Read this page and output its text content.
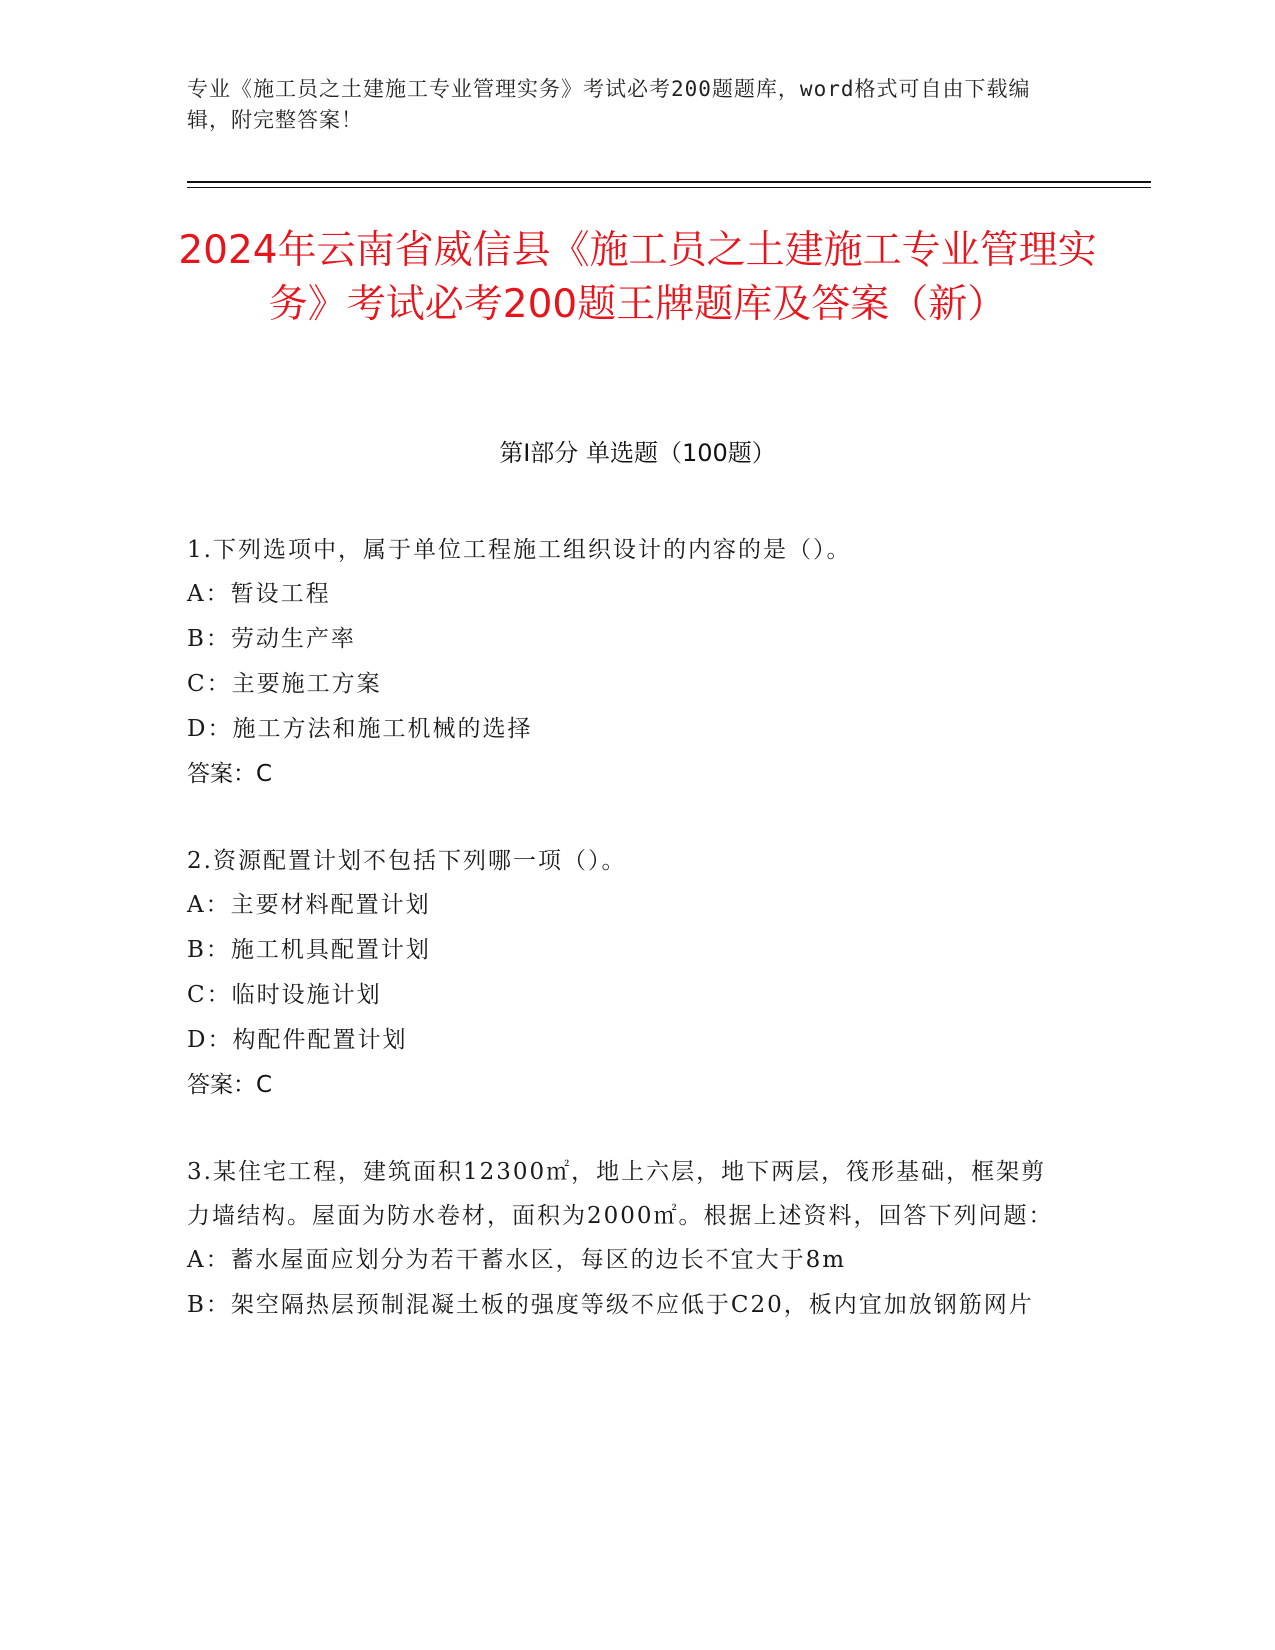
专业《施工员之土建施工专业管理实务》考试必考200题题库，word格式可自由下载编辑，附完整答案！

2024年云南省威信县《施工员之土建施工专业管理实务》考试必考200题王牌题库及答案（新）
第Ⅰ部分 单选题（100题）

1.下列选项中，属于单位工程施工组织设计的内容的是（）。

A：暂设工程

B：劳动生产率

C：主要施工方案

D：施工方法和施工机械的选择

答案：C

2.资源配置计划不包括下列哪一项（）。

A：主要材料配置计划

B：施工机具配置计划

C：临时设施计划

D：构配件配置计划

答案：C

3.某住宅工程，建筑面积12300㎡，地上六层，地下两层，筏形基础，框架剪力墙结构。屋面为防水卷材，面积为2000㎡。根据上述资料，回答下列问题：

A：蓄水屋面应划分为若干蓄水区，每区的边长不宜大于8m

B：架空隔热层预制混凝土板的强度等级不应低于C20，板内宜加放钢筋网片
